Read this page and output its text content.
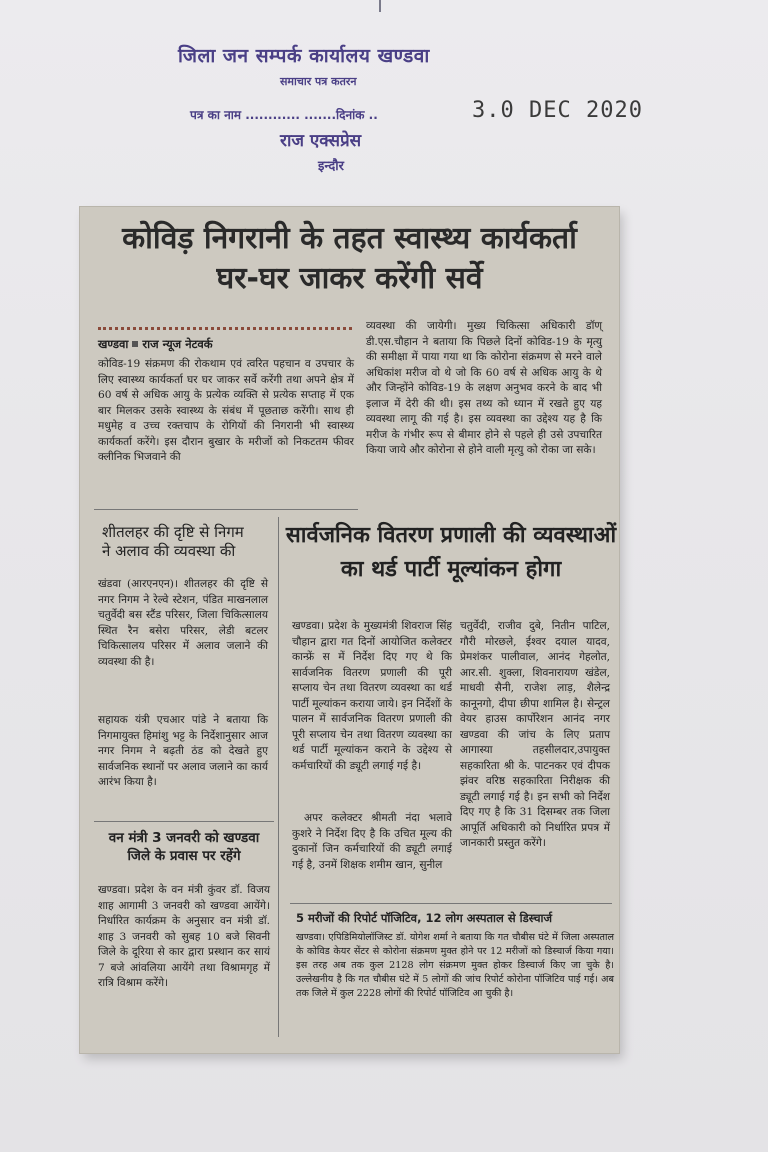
जिला जन सम्पर्क कार्यालय खण्डवा
समाचार पत्र कतरन
पत्र का नाम ............ .......दिनांक ..	3.0 DEC 2020
राज एक्सप्रेस
इन्दौर
कोविड़ निगरानी के तहत स्वास्थ्य कार्यकर्ता
घर-घर जाकर करेंगी सर्वे
खण्डवा राज न्यूज नेटवर्क
कोविड-19 संक्रमण की रोकथाम एवं त्वरित पहचान व उपचार के लिए स्वास्थ्य कार्यकर्ता घर घर जाकर सर्वे करेंगी तथा अपने क्षेत्र में 60 वर्ष से अधिक आयु के प्रत्येक व्यक्ति से प्रत्येक सप्ताह में एक बार मिलकर उसके स्वास्थ्य के संबंध में पूछताछ करेंगी। साथ ही मधुमेह व उच्च रक्तचाप के रोगियों की निगरानी भी स्वास्थ्य कार्यकर्ता करेंगे। इस दौरान बुखार के मरीजों को निकटतम फीवर क्लीनिक भिजवाने की
व्यवस्था की जायेगी। मुख्य चिकित्सा अधिकारी डॉण् डी.एस.चौहान ने बताया कि पिछले दिनों कोविड-19 के मृत्यु की समीक्षा में पाया गया था कि कोरोना संक्रमण से मरने वाले अधिकांश मरीज वो थे जो कि 60 वर्ष से अधिक आयु के थे और जिन्होंने कोविड-19 के लक्षण अनुभव करने के बाद भी इलाज में देरी की थी। इस तथ्य को ध्यान में रखते हुए यह व्यवस्था लागू की गई है। इस व्यवस्था का उद्देश्य यह है कि मरीज के गंभीर रूप से बीमार होने से पहले ही उसे उपचारित किया जाये और कोरोना से होने वाली मृत्यु को रोका जा सके।
शीतलहर की दृष्टि से निगम
ने अलाव की व्यवस्था की
खंडवा (आरएनएन)। शीतलहर की दृष्टि से नगर निगम ने रेल्वे स्टेशन, पंडित माखनलाल चतुर्वेदी बस स्टैंड परिसर, जिला चिकित्सालय स्थित रैन बसेरा परिसर, लेडी बटलर चिकित्सालय परिसर में अलाव जलाने की व्यवस्था की है।
सहायक यंत्री एचआर पांडे ने बताया कि निगमायुक्त हिमांशु भट्ट के निर्देशानुसार आज नगर निगम ने बढ़ती ठंड को देखते हुए सार्वजनिक स्थानों पर अलाव जलाने का कार्य आरंभ किया है।
वन मंत्री 3 जनवरी को खण्डवा
जिले के प्रवास पर रहेंगे
खण्डवा। प्रदेश के वन मंत्री कुंवर डॉ. विजय शाह आगामी 3 जनवरी को खण्डवा आयेंगे। निर्धारित कार्यक्रम के अनुसार वन मंत्री डॉ. शाह 3 जनवरी को सुबह 10 बजे सिवनी जिले के दूरिया से कार द्वारा प्रस्थान कर सायं 7 बजे आंवलिया आयेंगे तथा विश्रामगृह में रात्रि विश्राम करेंगे।
सार्वजनिक वितरण प्रणाली की व्यवस्थाओं
का थर्ड पार्टी मूल्यांकन होगा
खण्डवा। प्रदेश के मुख्यमंत्री शिवराज सिंह चौहान द्वारा गत दिनों आयोजित कलेक्टर कान्फ्रें स में निर्देश दिए गए थे कि सार्वजनिक वितरण प्रणाली की पूरी सप्लाय चेन तथा वितरण व्यवस्था का थर्ड पार्टी मूल्यांकन कराया जाये। इन निर्देशों के पालन में सार्वजनिक वितरण प्रणाली की पूरी सप्लाय चेन तथा वितरण व्यवस्था का थर्ड पार्टी मूल्यांकन कराने के उद्देश्य से कर्मचारियों की ड्यूटी लगाई गई है।
अपर कलेक्टर श्रीमती नंदा भलावे कुशरे ने निर्देश दिए है कि उचित मूल्य की दुकानों जिन कर्मचारियों की ड्यूटी लगाई गई है, उनमें शिक्षक शमीम खान, सुनील
चतुर्वेदी, राजीव दुबे, नितीन पाटिल, गौरी मोरछले, ईश्वर दयाल यादव, प्रेमशंकर पालीवाल, आनंद गेहलोत, आर.सी. शुक्ला, शिवनारायण खंडेल, माधवी सैनी, राजेश लाड़, शैलेन्द्र कानूनगो, दीपा छीपा शामिल है। सेन्ट्रल वेयर हाउस कार्पोरेशन आनंद नगर खण्डवा की जांच के लिए प्रताप आगास्या तहसीलदार,उपायुक्त सहकारिता श्री के. पाटनकर एवं दीपक झंवर वरिष्ठ सहकारिता निरीक्षक की ड्यूटी लगाई गई है। इन सभी को निर्देश दिए गए है कि 31 दिसम्बर तक जिला आपूर्ति अधिकारी को निर्धारित प्रपत्र में जानकारी प्रस्तुत करेंगे।
5 मरीजों की रिपोर्ट पॉजिटिव, 12 लोग अस्पताल से डिस्चार्ज
खण्डवा। एपिडिमियोलॉजिस्ट डॉ. योगेश शर्मा ने बताया कि गत चौबीस घंटे में जिला अस्पताल के कोविड केयर सेंटर से कोरोना संक्रमण मुक्त होने पर 12 मरीजों को डिस्चार्ज किया गया। इस तरह अब तक कुल 2128 लोग संक्रमण मुक्त होकर डिस्चार्ज किए जा चुके है। उल्लेखनीय है कि गत चौबीस घंटे में 5 लोगों की जांच रिपोर्ट कोरोना पॉजिटिव पाई गई। अब तक जिले में कुल 2228 लोगों की रिपोर्ट पॉजिटिव आ चुकी है।
